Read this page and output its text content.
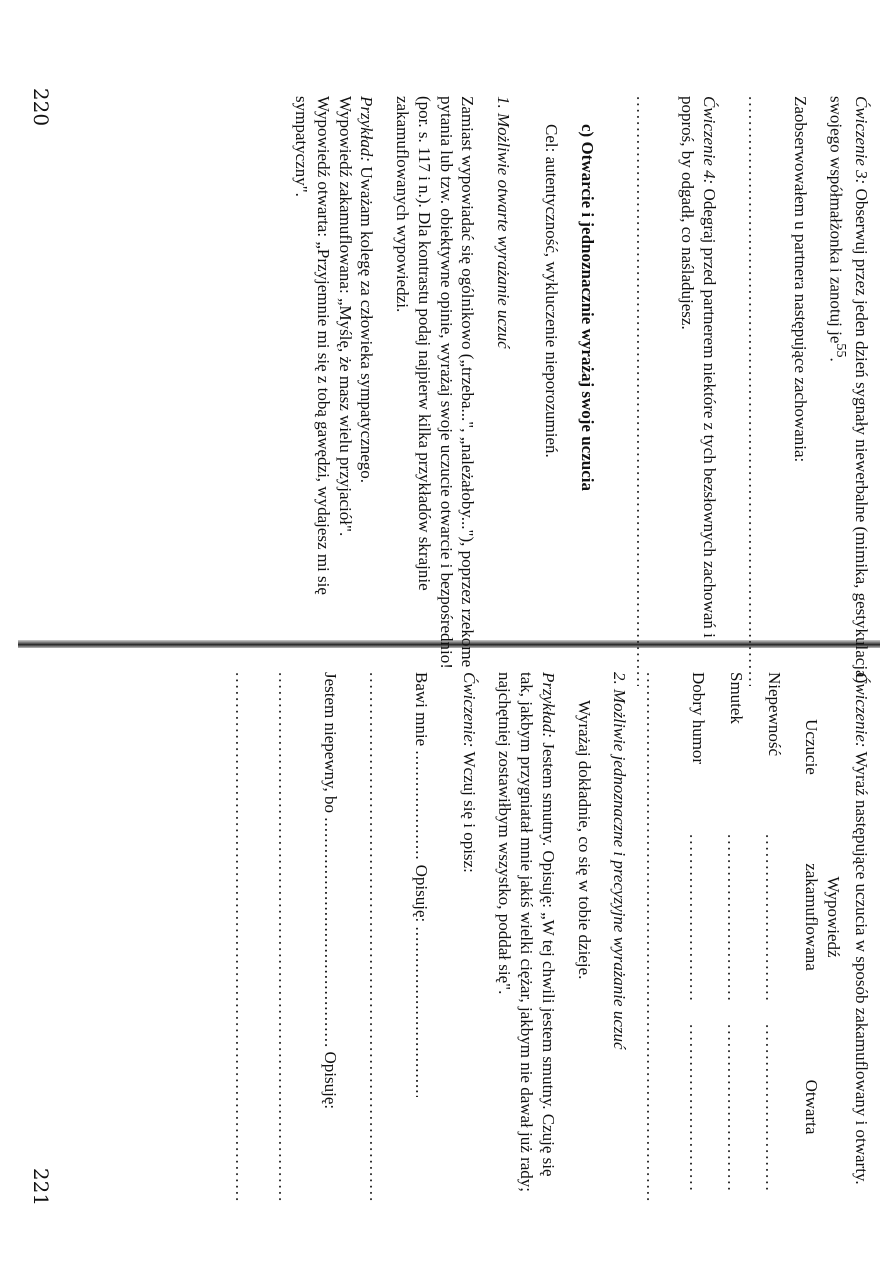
220
221

Ćwiczenie 3: Obserwuj przez jeden dzień sygnały niewerbalne (mimika, gestykulacja) swojego współmałżonka i zanotuj $je^{55}$.

Zaobserwowałem u partnera następujące zachowania:

.....

Ćwiczenie 4: Odegraj przed partnerem niektóre z tych bezsłownych zachowań i poproś, by odgadł, co naśladujesz.

.....

c) Otwarcie i jednoznacznie wyrażaj swoje uczucia

Cel: autentyczność, wykluczenie nieporozumień.

1. Możliwie otwarte wyrażanie uczuć

Zamiast wypowiadać się ogólnikowo („trzeba...", „należałoby..."), poprzez rzekome pytania lub tzw. obiektywne opinie, wyrażaj swoje uczucie otwarcie i bezpośrednio! (por. s. 117 i n.). Dla kontrastu podaj najpierw kilka przykładów skrajnie zakamuflowanych wypowiedzi.

Przykład: Uważam kolegę za człowieka sympatycznego.

Wypowiedź zakamuflowana: „Myślę, że masz wielu przyjaciół".

Wypowiedź otwarta: „Przyjemnie mi się z tobą gawędzi, wydajesz mi się sympatyczny".

Ćwiczenie: Wyraź następujące uczucia w sposób zakamuflowany i otwarty.

Uczucie
Wypowiedź zakamuflowana
Otwarta
Niepewność
.....
.....
Smutek
.....
.....
Dobry humor
.....
.....
.....

2. Możliwie jednoznaczne i precyzyjne wyrażanie uczuć

Wyrażaj dokładnie, co się w tobie dzieje.

Przykład: Jestem smutny. Opisuję: „W tej chwili jestem smutny. Czuję się tak, jakbym przygniatał mnie jakiś wielki ciężar, jakbym nie dawał już rady; najchętniej zostawiłbym wszystko, poddał się".

Ćwiczenie: Wczuj się i opisz:

Bawi mnie ..... Opisuję: .....

.....

Jestem niepewny, bo ..... Opisuję:

.....
.....
